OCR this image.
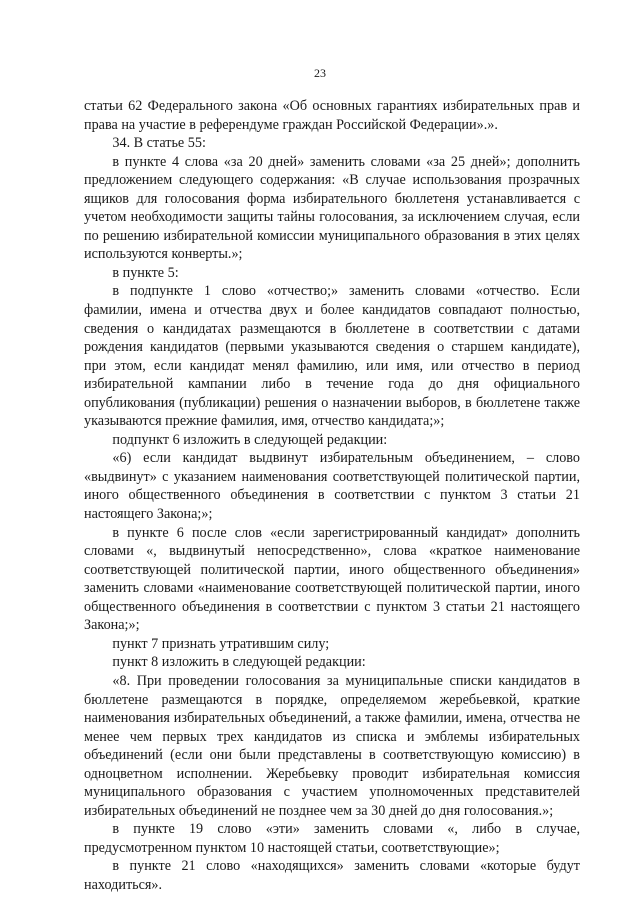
23

статьи 62 Федерального закона «Об основных гарантиях избирательных прав и права на участие в референдуме граждан Российской Федерации».».

34. В статье 55:

в пункте 4 слова «за 20 дней» заменить словами «за 25 дней»; дополнить предложением следующего содержания: «В случае использования прозрачных ящиков для голосования форма избирательного бюллетеня устанавливается с учетом необходимости защиты тайны голосования, за исключением случая, если по решению избирательной комиссии муниципального образования в этих целях используются конверты.»;

в пункте 5:

в подпункте 1 слово «отчество;» заменить словами «отчество. Если фамилии, имена и отчества двух и более кандидатов совпадают полностью, сведения о кандидатах размещаются в бюллетене в соответствии с датами рождения кандидатов (первыми указываются сведения о старшем кандидате), при этом, если кандидат менял фамилию, или имя, или отчество в период избирательной кампании либо в течение года до дня официального опубликования (публикации) решения о назначении выборов, в бюллетене также указываются прежние фамилия, имя, отчество кандидата;»;

подпункт 6 изложить в следующей редакции:

«6) если кандидат выдвинут избирательным объединением, – слово «выдвинут» с указанием наименования соответствующей политической партии, иного общественного объединения в соответствии с пунктом 3 статьи 21 настоящего Закона;»;

в пункте 6 после слов «если зарегистрированный кандидат» дополнить словами «, выдвинутый непосредственно», слова «краткое наименование соответствующей политической партии, иного общественного объединения» заменить словами «наименование соответствующей политической партии, иного общественного объединения в соответствии с пунктом 3 статьи 21 настоящего Закона;»;

пункт 7 признать утратившим силу;

пункт 8 изложить в следующей редакции:

«8. При проведении голосования за муниципальные списки кандидатов в бюллетене размещаются в порядке, определяемом жеребьевкой, краткие наименования избирательных объединений, а также фамилии, имена, отчества не менее чем первых трех кандидатов из списка и эмблемы избирательных объединений (если они были представлены в соответствующую комиссию) в одноцветном исполнении. Жеребьевку проводит избирательная комиссия муниципального образования с участием уполномоченных представителей избирательных объединений не позднее чем за 30 дней до дня голосования.»;

в пункте 19 слово «эти» заменить словами «, либо в случае, предусмотренном пунктом 10 настоящей статьи, соответствующие»;

в пункте 21 слово «находящихся» заменить словами «которые будут находиться».
